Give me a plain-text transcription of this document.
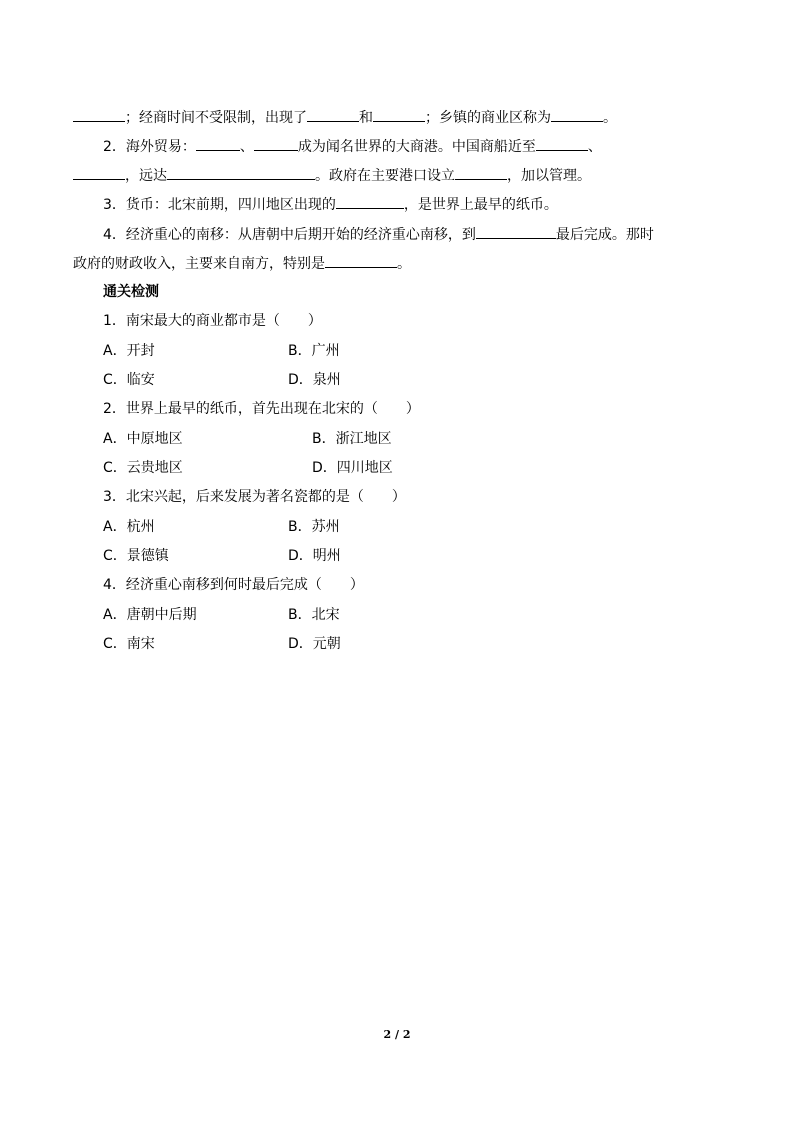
；经商时间不受限制，出现了	和	；乡镇的商业区称为	。
2．海外贸易：	、	成为闻名世界的大商港。中国商船近至	、
，远达	。政府在主要港口设立	，加以管理。
3．货币：北宋前期，四川地区出现的	，是世界上最早的纸币。
4．经济重心的南移：从唐朝中后期开始的经济重心南移，到	最后完成。那时
政府的财政收入，主要来自南方，特别是	。
通关检测
1．南宋最大的商业都市是（　　）
A．开封	B．广州
C．临安	D．泉州
2．世界上最早的纸币，首先出现在北宋的（　　）
A．中原地区	B．浙江地区
C．云贵地区	D．四川地区
3．北宋兴起，后来发展为著名瓷都的是（　　）
A．杭州	B．苏州
C．景德镇	D．明州
4．经济重心南移到何时最后完成（　　）
A．唐朝中后期	B．北宋
C．南宋	D．元朝
2 / 2
